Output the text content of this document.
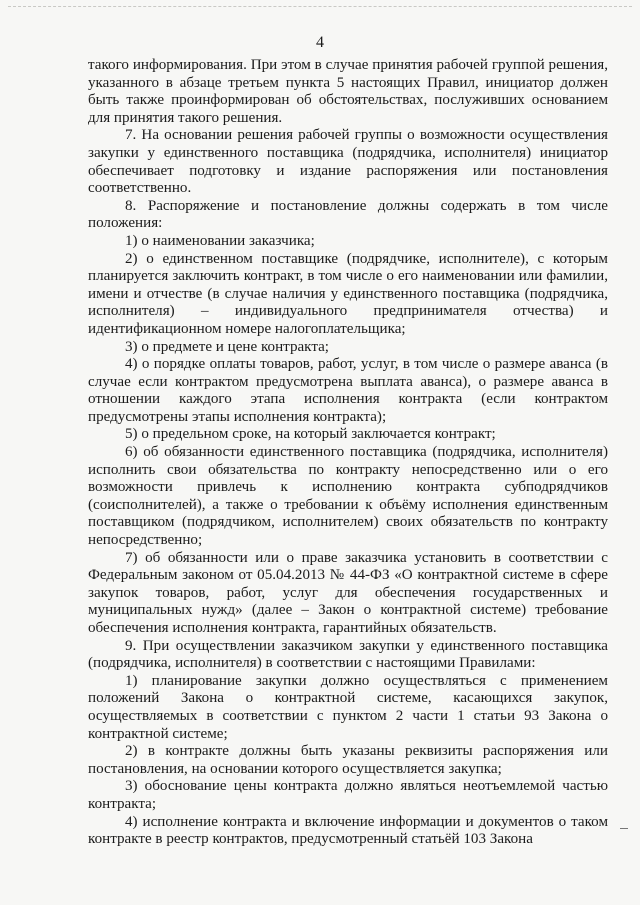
4

такого информирования. При этом в случае принятия рабочей группой решения, указанного в абзаце третьем пункта 5 настоящих Правил, инициатор должен быть также проинформирован об обстоятельствах, послуживших основанием для принятия такого решения.

7. На основании решения рабочей группы о возможности осуществления закупки у единственного поставщика (подрядчика, исполнителя) инициатор обеспечивает подготовку и издание распоряжения или постановления соответственно.

8. Распоряжение и постановление должны содержать в том числе положения:

1) о наименовании заказчика;

2) о единственном поставщике (подрядчике, исполнителе), с которым планируется заключить контракт, в том числе о его наименовании или фамилии, имени и отчестве (в случае наличия у единственного поставщика (подрядчика, исполнителя) – индивидуального предпринимателя отчества) и идентификационном номере налогоплательщика;

3) о предмете и цене контракта;

4) о порядке оплаты товаров, работ, услуг, в том числе о размере аванса (в случае если контрактом предусмотрена выплата аванса), о размере аванса в отношении каждого этапа исполнения контракта (если контрактом предусмотрены этапы исполнения контракта);

5) о предельном сроке, на который заключается контракт;

6) об обязанности единственного поставщика (подрядчика, исполнителя) исполнить свои обязательства по контракту непосредственно или о его возможности привлечь к исполнению контракта субподрядчиков (соисполнителей), а также о требовании к объёму исполнения единственным поставщиком (подрядчиком, исполнителем) своих обязательств по контракту непосредственно;

7) об обязанности или о праве заказчика установить в соответствии с Федеральным законом от 05.04.2013 № 44-ФЗ «О контрактной системе в сфере закупок товаров, работ, услуг для обеспечения государственных и муниципальных нужд» (далее – Закон о контрактной системе) требование обеспечения исполнения контракта, гарантийных обязательств.

9. При осуществлении заказчиком закупки у единственного поставщика (подрядчика, исполнителя) в соответствии с настоящими Правилами:

1) планирование закупки должно осуществляться с применением положений Закона о контрактной системе, касающихся закупок, осуществляемых в соответствии с пунктом 2 части 1 статьи 93 Закона о контрактной системе;

2) в контракте должны быть указаны реквизиты распоряжения или постановления, на основании которого осуществляется закупка;

3) обоснование цены контракта должно являться неотъемлемой частью контракта;

4) исполнение контракта и включение информации и документов о таком контракте в реестр контрактов, предусмотренный статьёй 103 Закона
